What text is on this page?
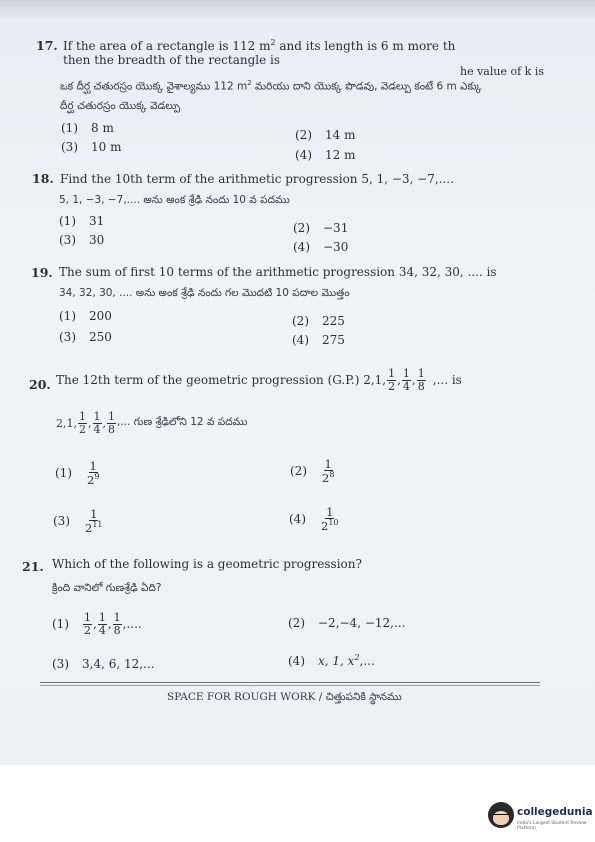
17. If the area of a rectangle is 112 $m^2$ and its length is 6 m more th
he value of k is
then the breadth of the rectangle is
ఒక దీర్ఘ చతురస్రం యొక్క వైశాల్యము 112 $m^2$ మరియు దాని యొక్క పొడవు, వెడల్పు కంటే 6 m ఎక్కు
దీర్ఘ చతురస్రం యొక్క వెడల్పు
(1) 8 m	(2) 14 m
(3) 10 m
(4) 12 m
18. Find the 10th term of the arithmetic progression 5, 1, −3, −7,....
5, 1, −3, −7,.... అను అంక శ్రేఢి నందు 10 వ పదము
(1) 31	(2) −31
(3) 30	(4) −30
19. The sum of first 10 terms of the arithmetic progression 34, 32, 30, .... is
34, 32, 30, .... అను అంక శ్రేఢి నందు గల మొదటి 10 పదాల మొత్తం
(1) 200	(2) 225
(3) 250	(4) 275
20. The 12th term of the geometric progression (G.P.) 2,1, $\frac{1}{2}$ , $\frac{1}{4}$ , $\frac{1}{8}$ ,... is
2,1, $\frac{1}{2}$ , $\frac{1}{4}$ , $\frac{1}{8}$ ,... గుణ శ్రేఢిలోని 12 వ పదము
(1)	$\frac{1}{2^9}$	(2)	$\frac{1}{2^8}$
(3)	$\frac{1}{2^{11}}$	(4)	$\frac{1}{2^{10}}$
21. Which of the following is a geometric progression?
క్రింది వానిలో గుణశ్రేఢి ఏది?
(1)	$\frac{1}{2}$ , $\frac{1}{4}$ , $\frac{1}{8}$ ,....	(2) −2,−4, −12,...
(3) 3,4, 6, 12,...	(4) x, 1, $x^2$,...
SPACE FOR ROUGH WORK / చిత్తుపనికి స్థానము
collegedunia
India's Largest Student Review Platform
